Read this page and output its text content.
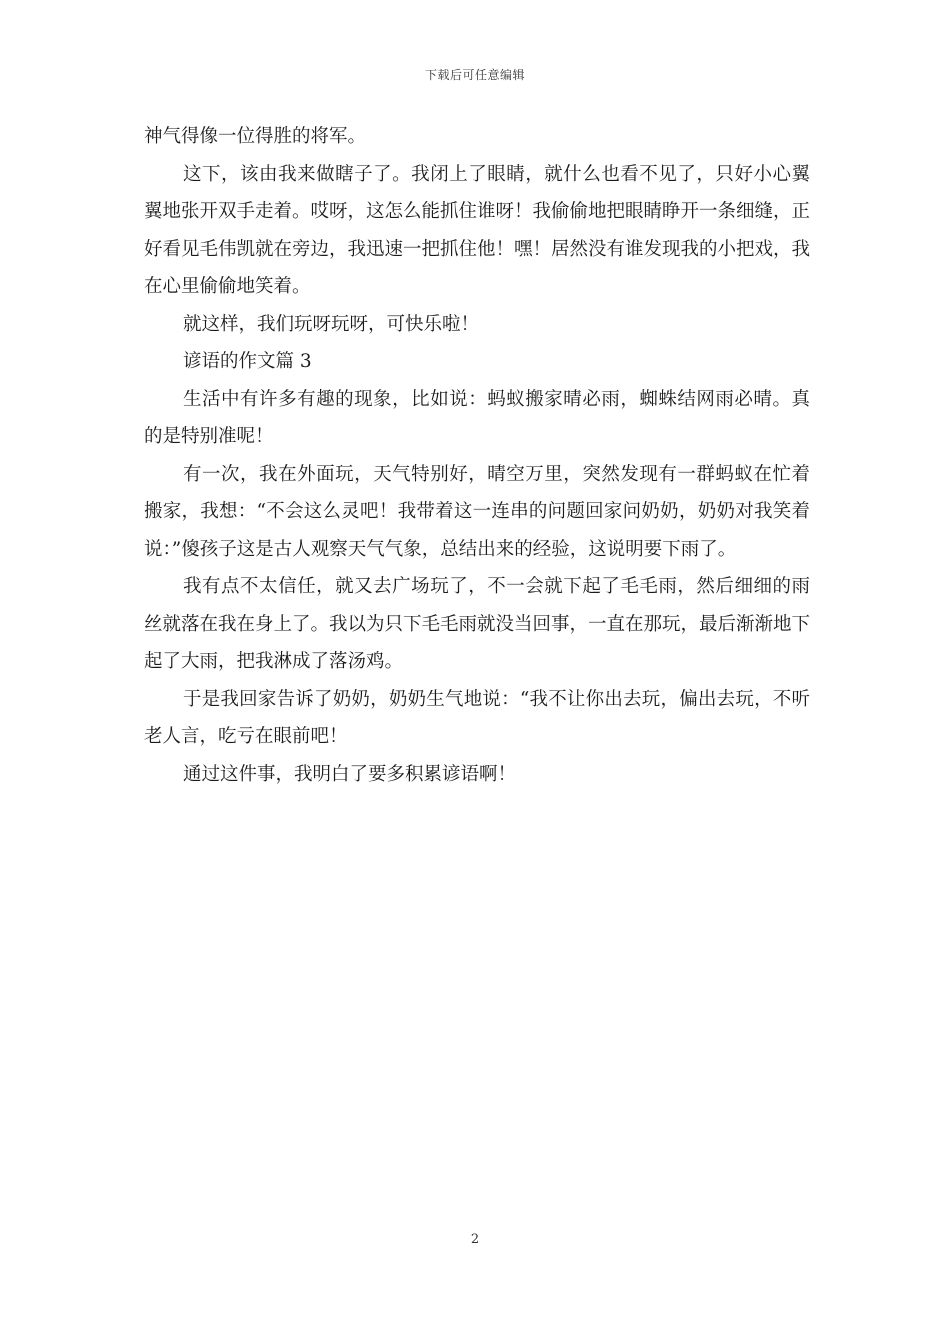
下载后可任意编辑

神气得像一位得胜的将军。

这下，该由我来做瞎子了。我闭上了眼睛，就什么也看不见了，只好小心翼翼地张开双手走着。哎呀，这怎么能抓住谁呀！我偷偷地把眼睛睁开一条细缝，正好看见毛伟凯就在旁边，我迅速一把抓住他！嘿！居然没有谁发现我的小把戏，我在心里偷偷地笑着。

就这样，我们玩呀玩呀，可快乐啦！

谚语的作文篇 3

生活中有许多有趣的现象，比如说：蚂蚁搬家晴必雨，蜘蛛结网雨必晴。真的是特别准呢！

有一次，我在外面玩，天气特别好，晴空万里，突然发现有一群蚂蚁在忙着搬家，我想：“不会这么灵吧！我带着这一连串的问题回家问奶奶，奶奶对我笑着说：”傻孩子这是古人观察天气气象，总结出来的经验，这说明要下雨了。

我有点不太信任，就又去广场玩了，不一会就下起了毛毛雨，然后细细的雨丝就落在我在身上了。我以为只下毛毛雨就没当回事，一直在那玩，最后渐渐地下起了大雨，把我淋成了落汤鸡。

于是我回家告诉了奶奶，奶奶生气地说：“我不让你出去玩，偏出去玩，不听老人言，吃亏在眼前吧！

通过这件事，我明白了要多积累谚语啊！

2
